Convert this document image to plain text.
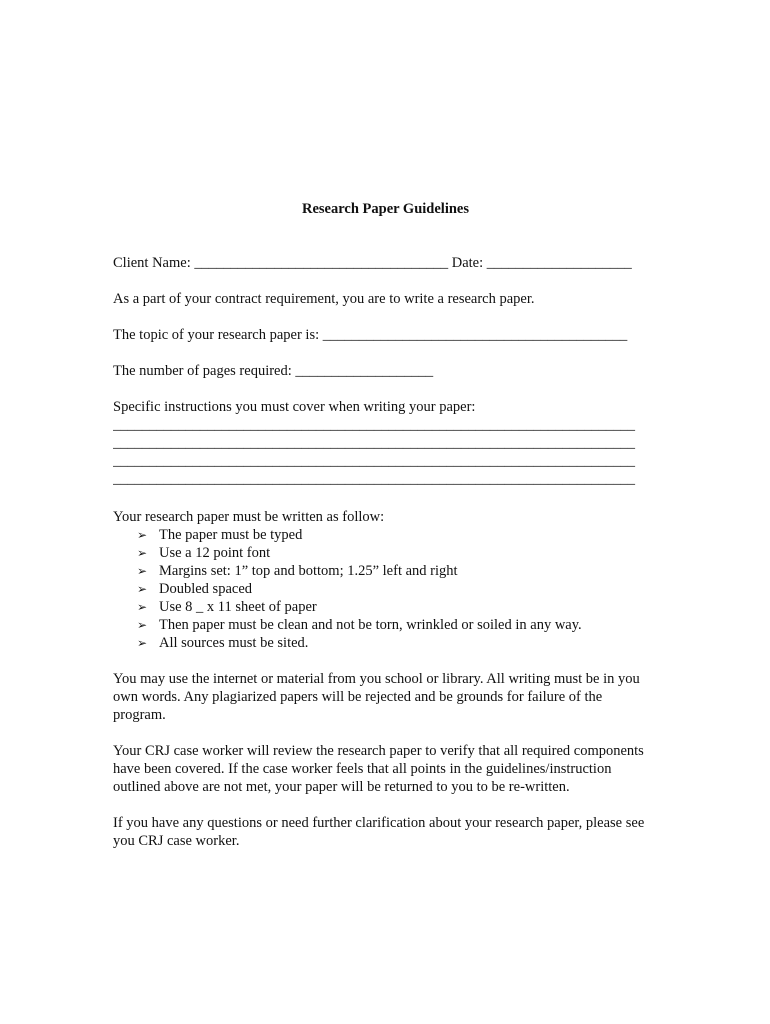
Research Paper Guidelines
Client Name: ___________________________________ Date: ____________________
As a part of your contract requirement, you are to write a research paper.
The topic of your research paper is: __________________________________________
The number of pages required: ___________________
Specific instructions you must cover when writing your paper:
________________________________________________________________________
________________________________________________________________________
________________________________________________________________________
________________________________________________________________________
Your research paper must be written as follow:
➢ The paper must be typed
➢ Use a 12 point font
➢ Margins set: 1” top and bottom; 1.25” left and right
➢ Doubled spaced
➢ Use 8 _ x 11 sheet of paper
➢ Then paper must be clean and not be torn, wrinkled or soiled in any way.
➢ All sources must be sited.

You may use the internet or material from you school or library. All writing must be in you own words. Any plagiarized papers will be rejected and be grounds for failure of the program.

Your CRJ case worker will review the research paper to verify that all required components have been covered. If the case worker feels that all points in the guidelines/instruction outlined above are not met, your paper will be returned to you to be re-written.

If you have any questions or need further clarification about your research paper, please see you CRJ case worker.
